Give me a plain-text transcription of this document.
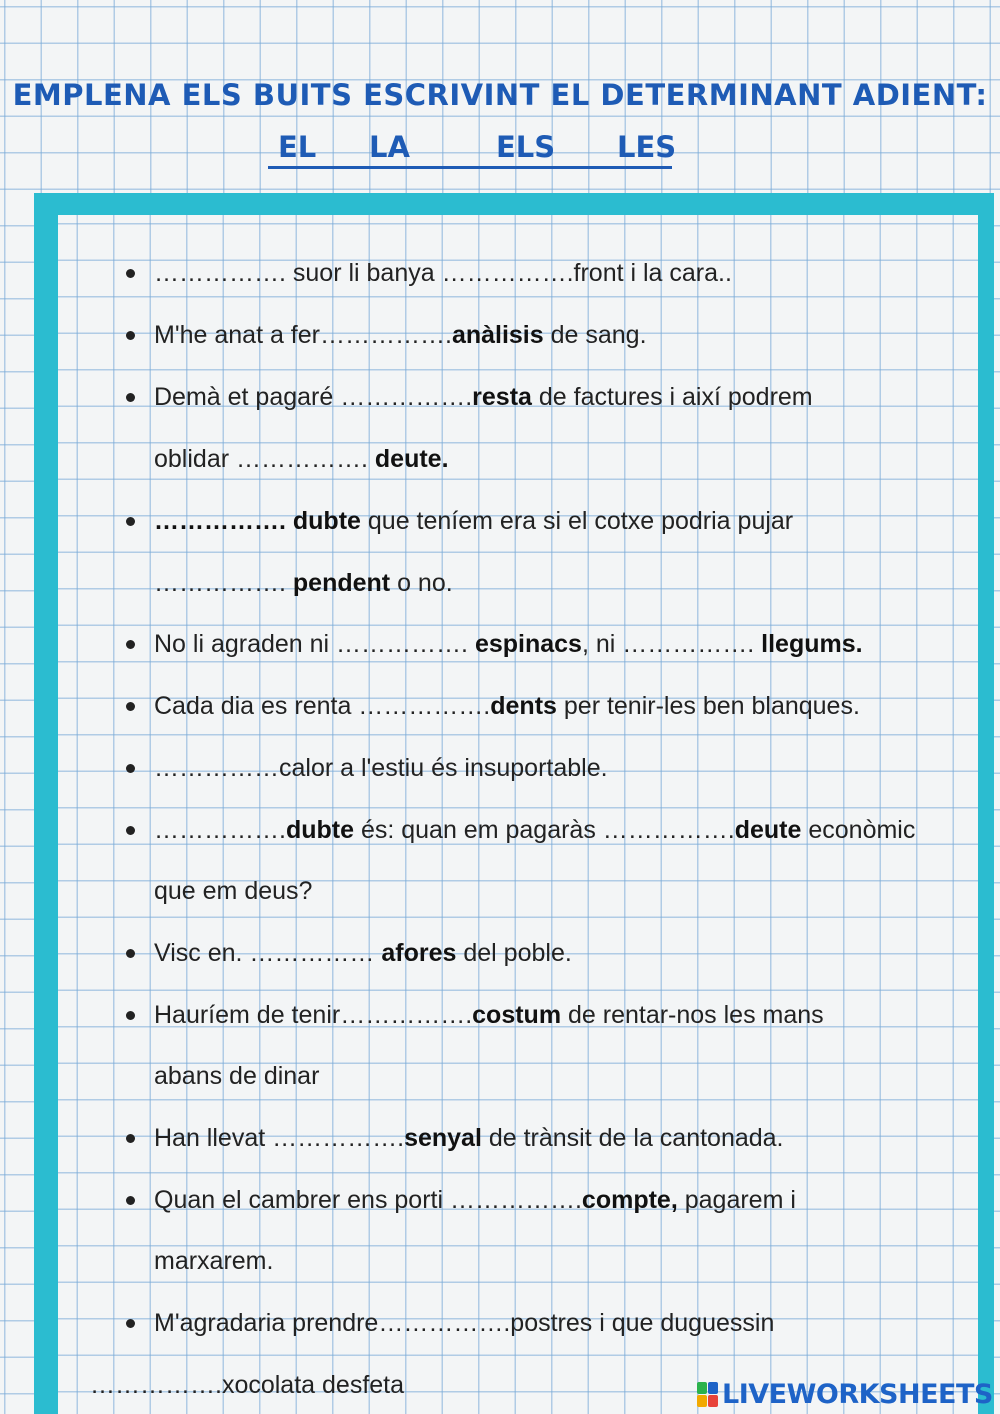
EMPLENA ELS BUITS ESCRIVINT EL DETERMINANT ADIENT:
EL LA	ELS LES
……………. suor li banya …………….front i la cara..
M'he anat a fer…………….anàlisis de sang.
Demà et pagaré …………….resta de factures i així podrem
oblidar ……………. deute.
……………. dubte que teníem era si el cotxe podria pujar
……………. pendent o no.
No li agraden ni ……………. espinacs, ni ……………. llegums.
Cada dia es renta …………….dents per tenir-les ben blanques.
……………calor a l'estiu és insuportable.
…………….dubte és: quan em pagaràs …………….deute econòmic
que em deus?
Visc en. …………… afores del poble.
Hauríem de tenir…………….costum de rentar-nos les mans
abans de dinar
Han llevat …………….senyal de trànsit de la cantonada.
Quan el cambrer ens porti …………….compte, pagarem i
marxarem.
M'agradaria prendre…………….postres i que duguessin
…………….xocolata desfeta	LIVEWORKSHEETS
